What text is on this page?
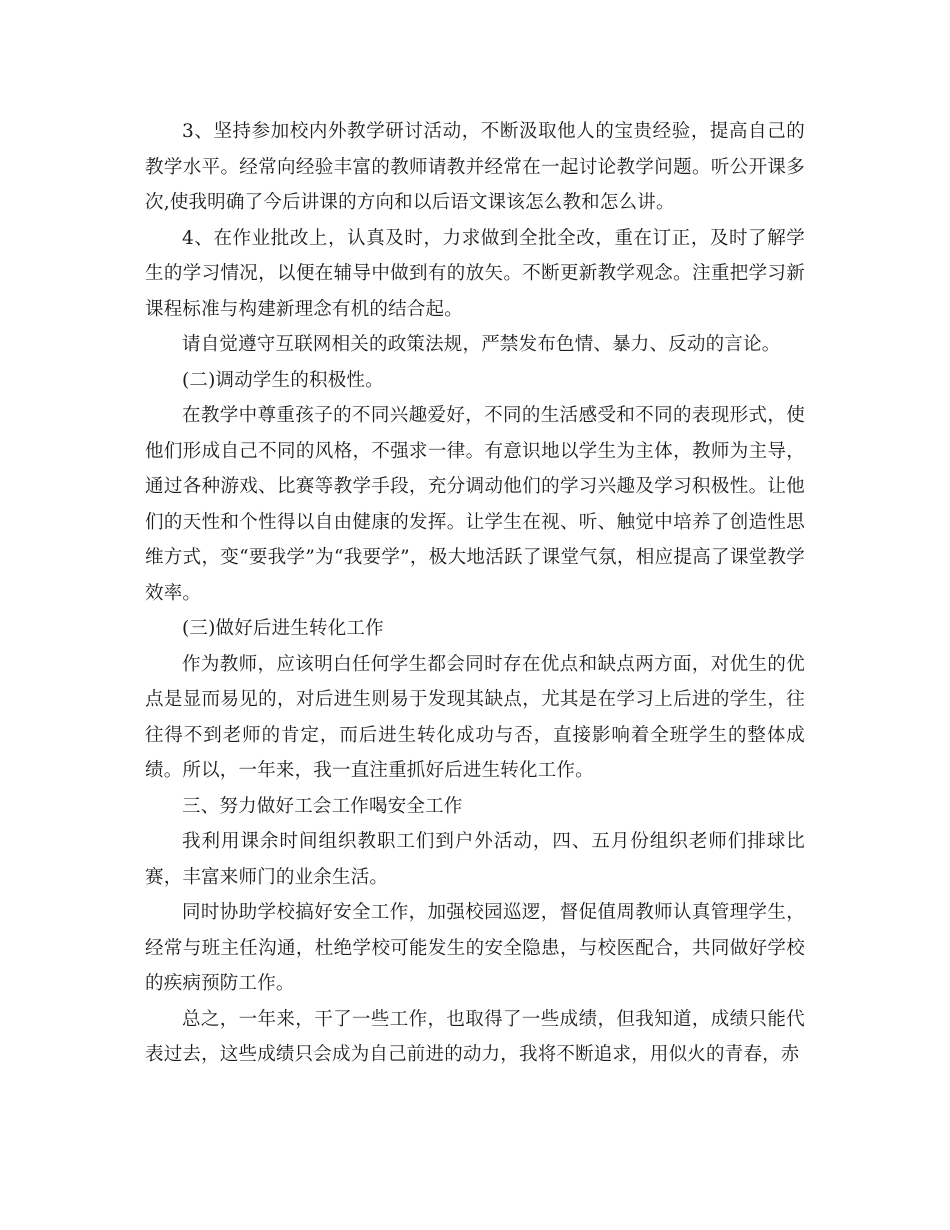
3、坚持参加校内外教学研讨活动，不断汲取他人的宝贵经验，提高自己的教学水平。经常向经验丰富的教师请教并经常在一起讨论教学问题。听公开课多次,使我明确了今后讲课的方向和以后语文课该怎么教和怎么讲。

4、在作业批改上，认真及时，力求做到全批全改，重在订正，及时了解学生的学习情况，以便在辅导中做到有的放矢。不断更新教学观念。注重把学习新课程标准与构建新理念有机的结合起。

请自觉遵守互联网相关的政策法规，严禁发布色情、暴力、反动的言论。

(二)调动学生的积极性。

在教学中尊重孩子的不同兴趣爱好，不同的生活感受和不同的表现形式，使他们形成自己不同的风格，不强求一律。有意识地以学生为主体，教师为主导，通过各种游戏、比赛等教学手段，充分调动他们的学习兴趣及学习积极性。让他们的天性和个性得以自由健康的发挥。让学生在视、听、触觉中培养了创造性思维方式，变“要我学”为“我要学”，极大地活跃了课堂气氛，相应提高了课堂教学效率。

(三)做好后进生转化工作

作为教师，应该明白任何学生都会同时存在优点和缺点两方面，对优生的优点是显而易见的，对后进生则易于发现其缺点，尤其是在学习上后进的学生，往往得不到老师的肯定，而后进生转化成功与否，直接影响着全班学生的整体成绩。所以，一年来，我一直注重抓好后进生转化工作。

三、努力做好工会工作喝安全工作

我利用课余时间组织教职工们到户外活动，四、五月份组织老师们排球比赛，丰富来师门的业余生活。

同时协助学校搞好安全工作，加强校园巡逻，督促值周教师认真管理学生，经常与班主任沟通，杜绝学校可能发生的安全隐患，与校医配合，共同做好学校的疾病预防工作。

总之，一年来，干了一些工作，也取得了一些成绩，但我知道，成绩只能代表过去，这些成绩只会成为自己前进的动力，我将不断追求，用似火的青春，赤
